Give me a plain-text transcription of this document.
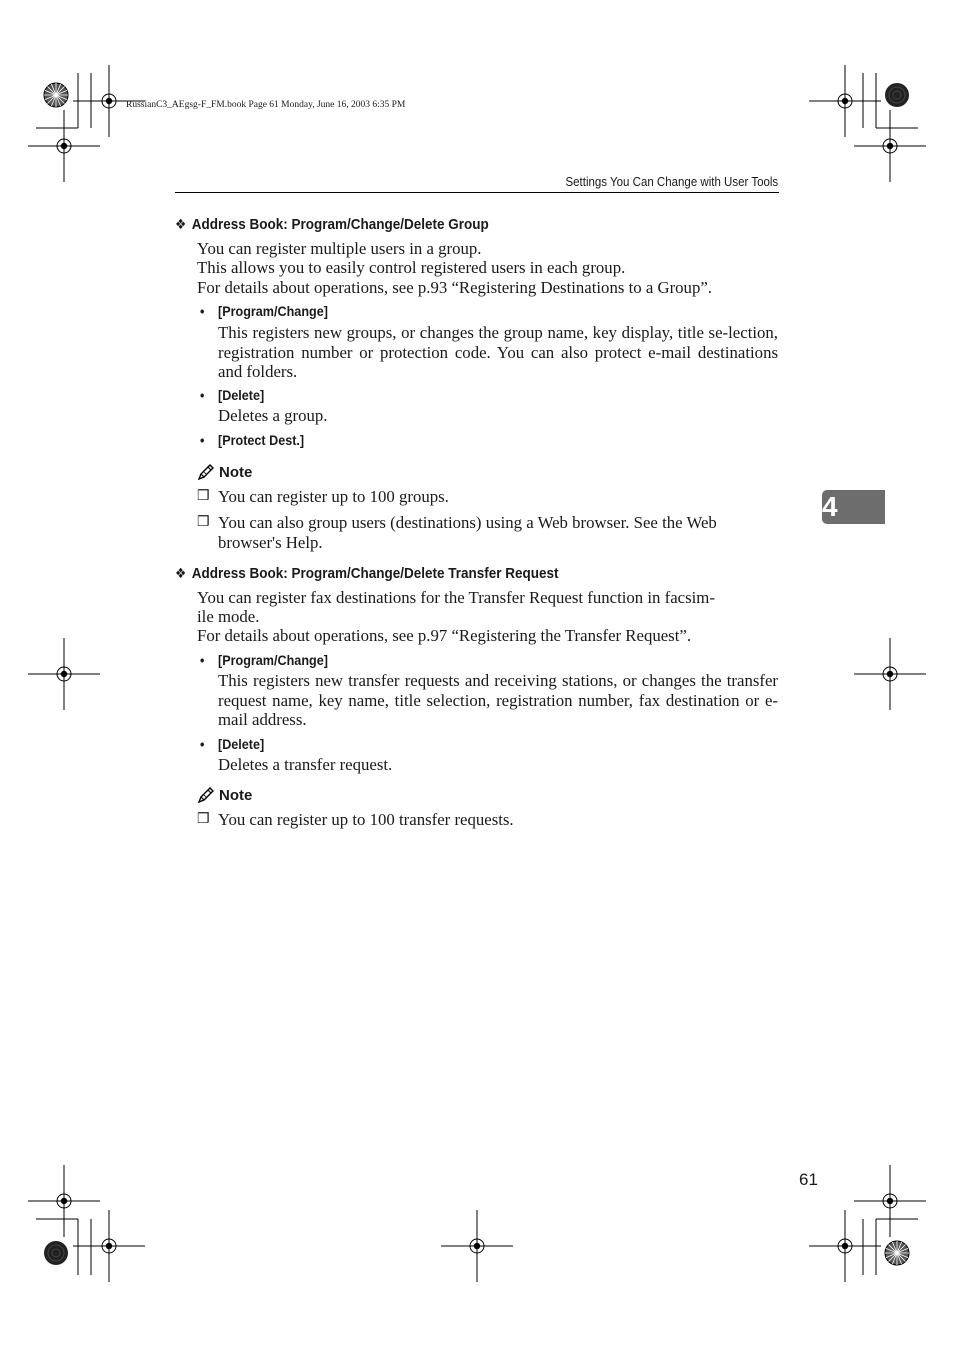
RussianC3_AEgsg-F_FM.book Page 61 Monday, June 16, 2003 6:35 PM
Settings You Can Change with User Tools
4
❖ Address Book: Program/Change/Delete Group
You can register multiple users in a group.
This allows you to easily control registered users in each group.
For details about operations, see p.93 “Registering Destinations to a Group”.
• [Program/Change]
This registers new groups, or changes the group name, key display, title se-lection, registration number or protection code. You can also protect e-mail destinations and folders.
• [Delete]
Deletes a group.
• [Protect Dest.]
Note
❒ You can register up to 100 groups.
❒ You can also group users (destinations) using a Web browser. See the Web browser's Help.
❖ Address Book: Program/Change/Delete Transfer Request
You can register fax destinations for the Transfer Request function in facsim-
ile mode.
For details about operations, see p.97 “Registering the Transfer Request”.
• [Program/Change]
This registers new transfer requests and receiving stations, or changes the transfer request name, key name, title selection, registration number, fax destination or e-mail address.
• [Delete]
Deletes a transfer request.
Note
❒ You can register up to 100 transfer requests.
61
